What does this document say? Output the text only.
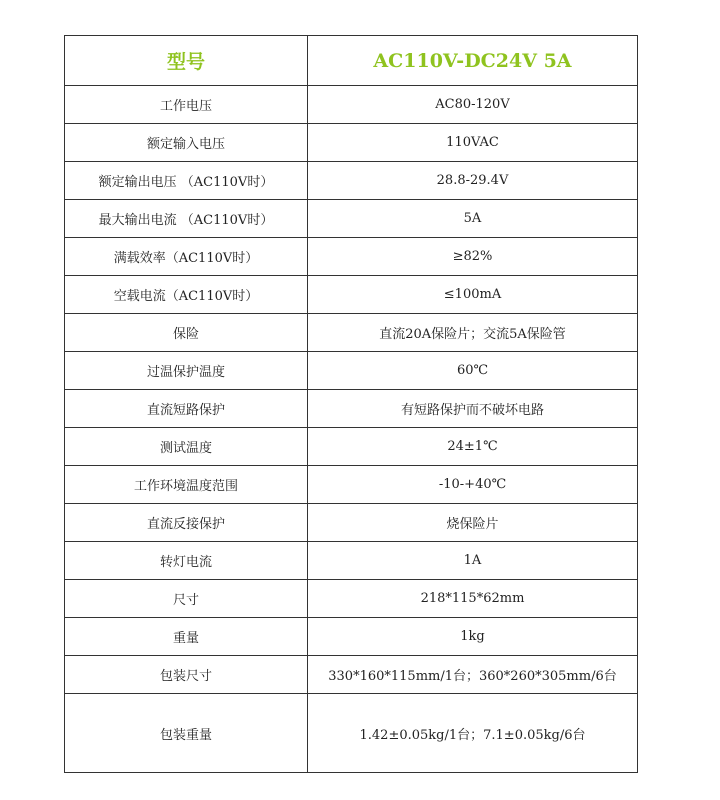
型号	AC110V-DC24V 5A
工作电压	AC80-120V
额定输入电压	110VAC
额定输出电压 （AC110V时）	28.8-29.4V
最大输出电流 （AC110V时）	5A
满载效率（AC110V时）	≥82%
空载电流（AC110V时）	≤100mA
保险	直流20A保险片；交流5A保险管
过温保护温度	60℃
直流短路保护	有短路保护而不破坏电路
测试温度	24±1℃
工作环境温度范围	-10-+40℃
直流反接保护	烧保险片
转灯电流	1A
尺寸	218*115*62mm
重量	1kg
包装尺寸	330*160*115mm/1台；360*260*305mm/6台
包装重量	1.42±0.05kg/1台；7.1±0.05kg/6台
